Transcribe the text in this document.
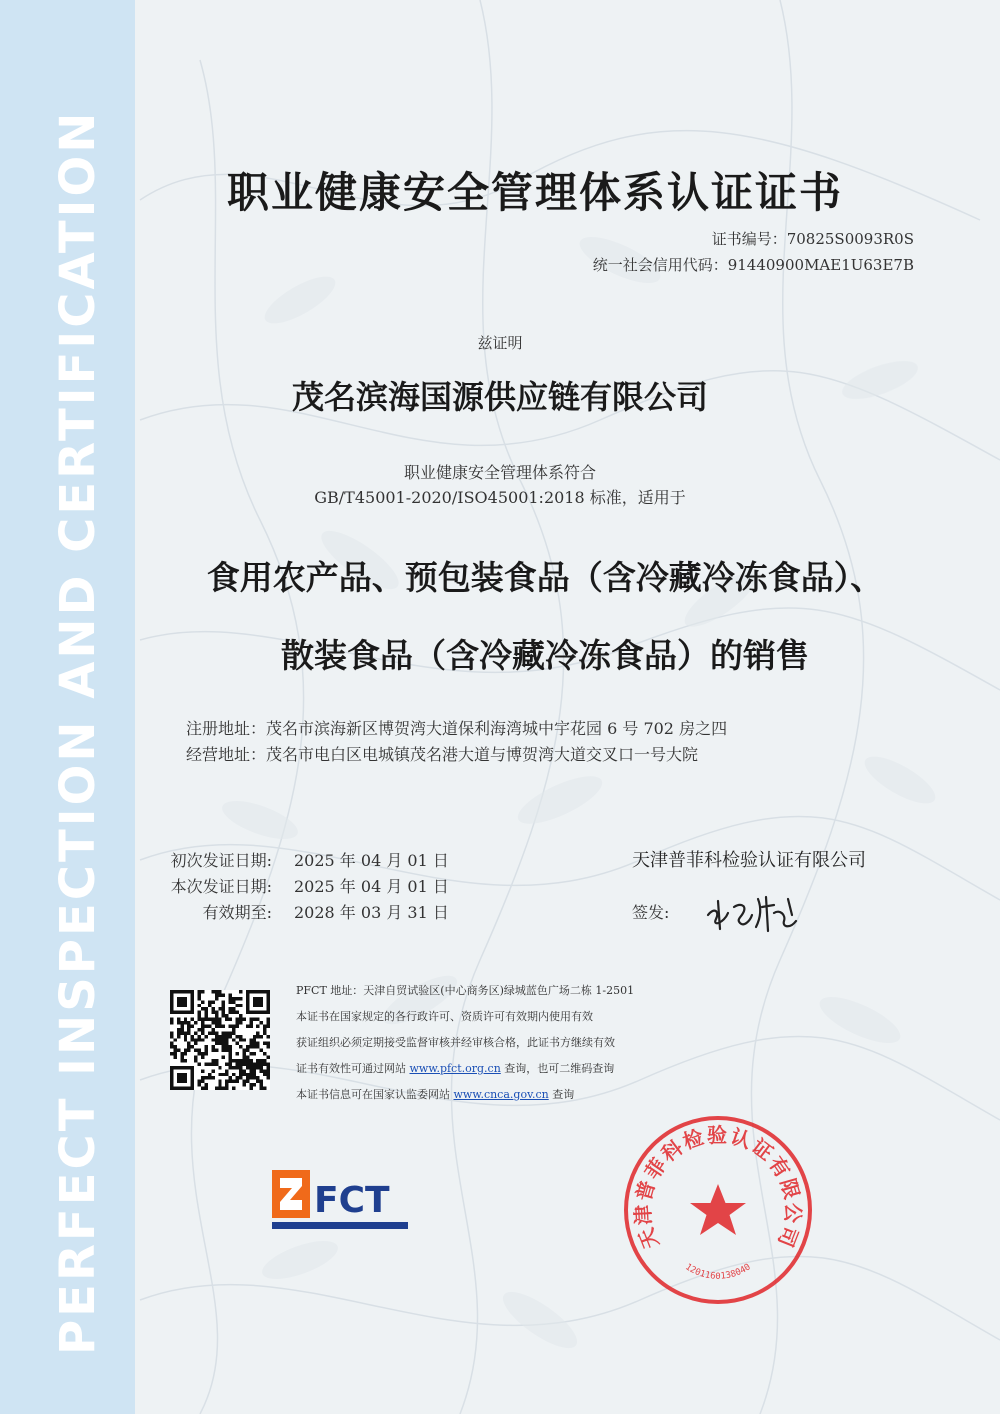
PERFECT INSPECTION AND CERTIFICATION	职业健康安全管理体系认证证书
证书编号：70825S0093R0S
统一社会信用代码：91440900MAE1U63E7B
兹证明
茂名滨海国源供应链有限公司
职业健康安全管理体系符合
GB/T45001-2020/ISO45001:2018 标准，适用于
食用农产品、预包装食品（含冷藏冷冻食品）、
散装食品（含冷藏冷冻食品）的销售
注册地址：茂名市滨海新区博贺湾大道保利海湾城中宇花园 6 号 702 房之四
经营地址：茂名市电白区电城镇茂名港大道与博贺湾大道交叉口一号大院
初次发证日期: 2025 年 04 月 01 日
本次发证日期: 2025 年 04 月 01 日
有效期至: 2028 年 03 月 31 日
天津普菲科检验认证有限公司
签发:
PFCT 地址：天津自贸试验区(中心商务区)绿城蓝色广场二栋 1-2501
本证书在国家规定的各行政许可、资质许可有效期内使用有效
获证组织必须定期接受监督审核并经审核合格，此证书方继续有效
证书有效性可通过网站 www.pfct.org.cn 查询，也可二维码查询
本证书信息可在国家认监委网站 www.cnca.gov.cn 查询
FCT
天津普菲科检验认证有限公司
1201160138040
